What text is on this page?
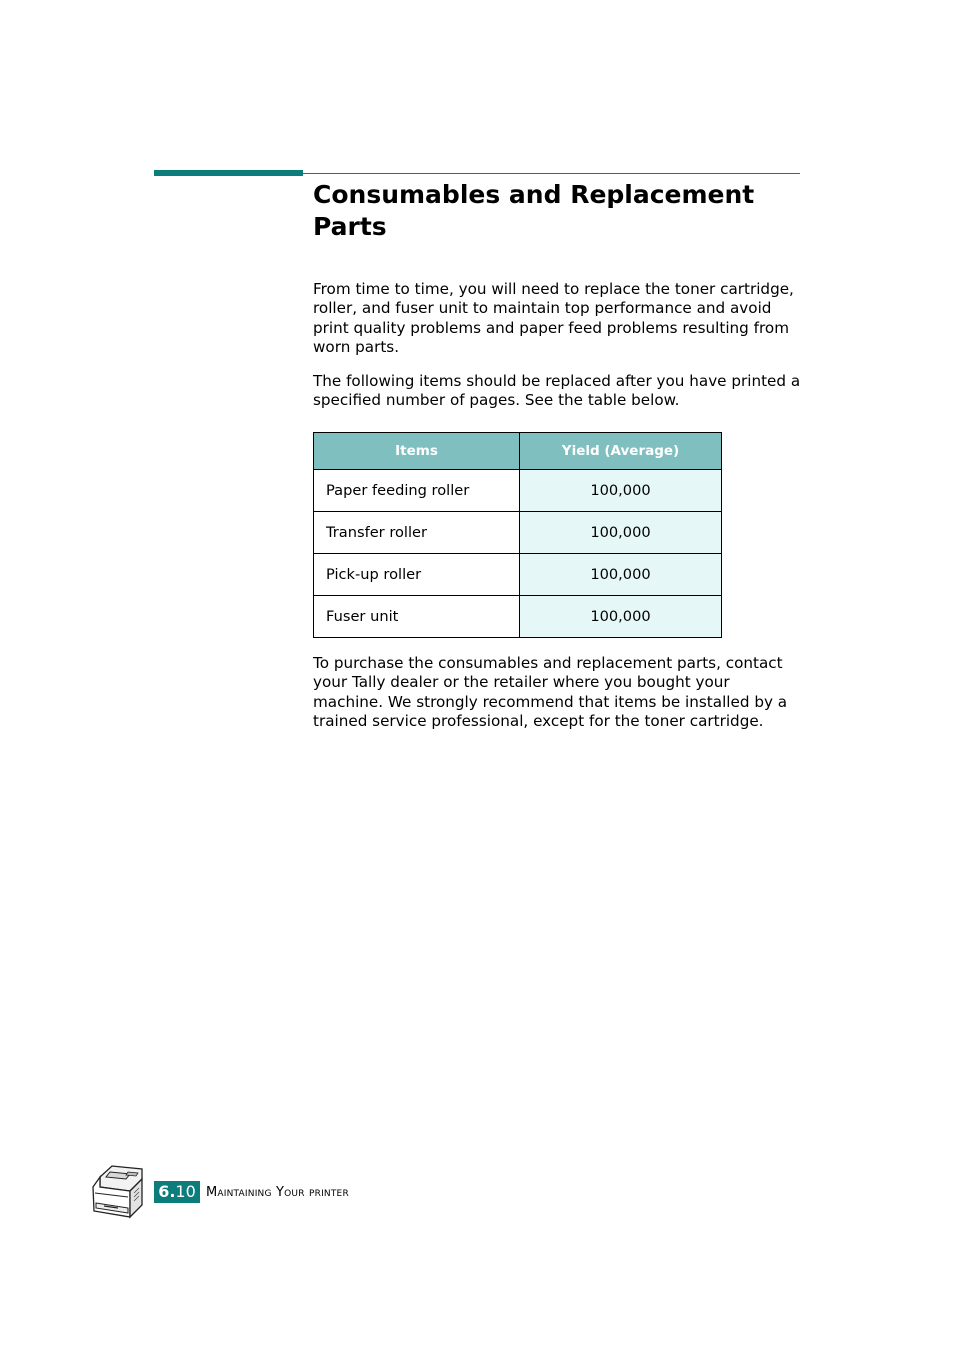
Consumables and Replacement Parts

From time to time, you will need to replace the toner cartridge, roller, and fuser unit to maintain top performance and avoid print quality problems and paper feed problems resulting from worn parts.

The following items should be replaced after you have printed a specified number of pages. See the table below.

Items	Yield (Average)
Paper feeding roller	100,000
Transfer roller	100,000
Pick-up roller	100,000
Fuser unit	100,000

To purchase the consumables and replacement parts, contact your Tally dealer or the retailer where you bought your machine. We strongly recommend that items be installed by a trained service professional, except for the toner cartridge.

6.10 Maintaining Your printer
